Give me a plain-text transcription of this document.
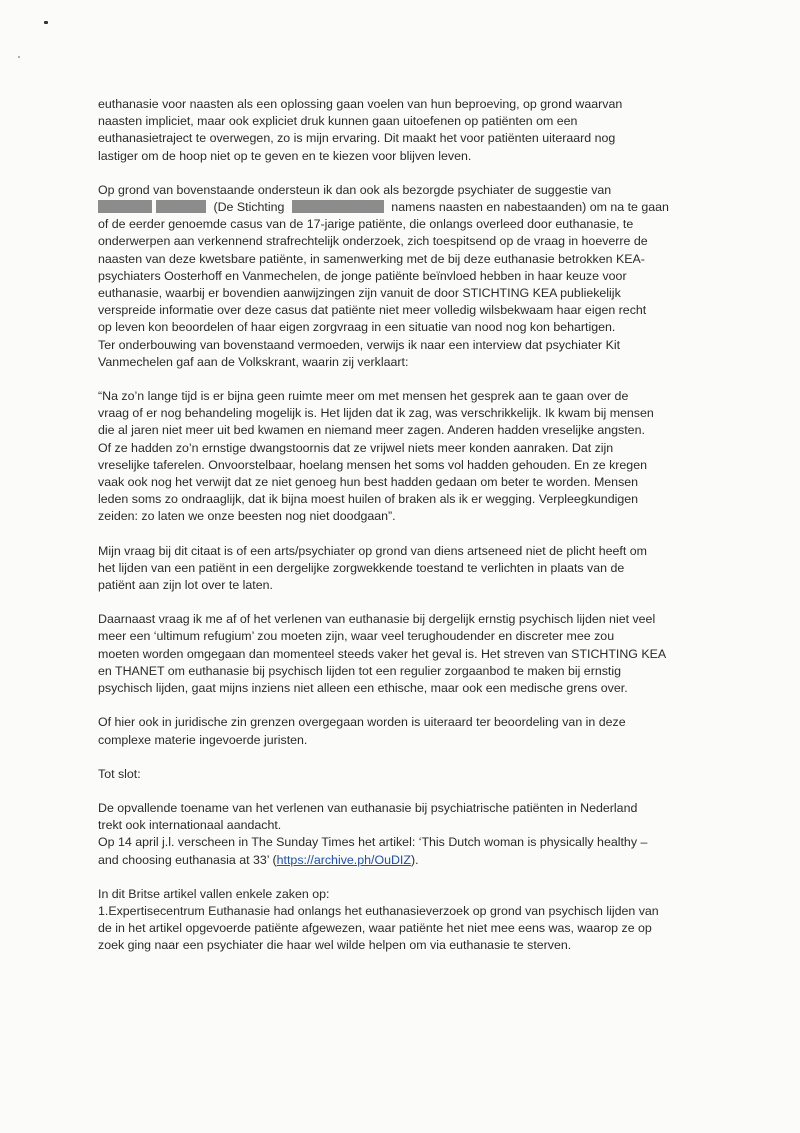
euthanasie voor naasten als een oplossing gaan voelen van hun beproeving, op grond waarvan
naasten impliciet, maar ook expliciet druk kunnen gaan uitoefenen op patiënten om een
euthanasietraject te overwegen, zo is mijn ervaring. Dit maakt het voor patiënten uiteraard nog
lastiger om de hoop niet op te geven en te kiezen voor blijven leven.

Op grond van bovenstaande ondersteun ik dan ook als bezorgde psychiater de suggestie van
(De Stichting	namens naasten en nabestaanden) om na te gaan
of de eerder genoemde casus van de 17-jarige patiënte, die onlangs overleed door euthanasie, te
onderwerpen aan verkennend strafrechtelijk onderzoek, zich toespitsend op de vraag in hoeverre de
naasten van deze kwetsbare patiënte, in samenwerking met de bij deze euthanasie betrokken KEA-
psychiaters Oosterhoff en Vanmechelen, de jonge patiënte beïnvloed hebben in haar keuze voor
euthanasie, waarbij er bovendien aanwijzingen zijn vanuit de door STICHTING KEA publiekelijk
verspreide informatie over deze casus dat patiënte niet meer volledig wilsbekwaam haar eigen recht
op leven kon beoordelen of haar eigen zorgvraag in een situatie van nood nog kon behartigen.
Ter onderbouwing van bovenstaand vermoeden, verwijs ik naar een interview dat psychiater Kit
Vanmechelen gaf aan de Volkskrant, waarin zij verklaart:

“Na zo’n lange tijd is er bijna geen ruimte meer om met mensen het gesprek aan te gaan over de
vraag of er nog behandeling mogelijk is. Het lijden dat ik zag, was verschrikkelijk. Ik kwam bij mensen
die al jaren niet meer uit bed kwamen en niemand meer zagen. Anderen hadden vreselijke angsten.
Of ze hadden zo’n ernstige dwangstoornis dat ze vrijwel niets meer konden aanraken. Dat zijn
vreselijke taferelen. Onvoorstelbaar, hoelang mensen het soms vol hadden gehouden. En ze kregen
vaak ook nog het verwijt dat ze niet genoeg hun best hadden gedaan om beter te worden. Mensen
leden soms zo ondraaglijk, dat ik bijna moest huilen of braken als ik er wegging. Verpleegkundigen
zeiden: zo laten we onze beesten nog niet doodgaan”.

Mijn vraag bij dit citaat is of een arts/psychiater op grond van diens artseneed niet de plicht heeft om
het lijden van een patiënt in een dergelijke zorgwekkende toestand te verlichten in plaats van de
patiënt aan zijn lot over te laten.

Daarnaast vraag ik me af of het verlenen van euthanasie bij dergelijk ernstig psychisch lijden niet veel
meer een ‘ultimum refugium’ zou moeten zijn, waar veel terughoudender en discreter mee zou
moeten worden omgegaan dan momenteel steeds vaker het geval is. Het streven van STICHTING KEA
en THANET om euthanasie bij psychisch lijden tot een regulier zorgaanbod te maken bij ernstig
psychisch lijden, gaat mijns inziens niet alleen een ethische, maar ook een medische grens over.

Of hier ook in juridische zin grenzen overgegaan worden is uiteraard ter beoordeling van in deze
complexe materie ingevoerde juristen.

Tot slot:

De opvallende toename van het verlenen van euthanasie bij psychiatrische patiënten in Nederland
trekt ook internationaal aandacht.
Op 14 april j.l. verscheen in The Sunday Times het artikel: ‘This Dutch woman is physically healthy –
and choosing euthanasia at 33’ (https://archive.ph/OuDIZ).

In dit Britse artikel vallen enkele zaken op:
1.Expertisecentrum Euthanasie had onlangs het euthanasieverzoek op grond van psychisch lijden van
de in het artikel opgevoerde patiënte afgewezen, waar patiënte het niet mee eens was, waarop ze op
zoek ging naar een psychiater die haar wel wilde helpen om via euthanasie te sterven.
